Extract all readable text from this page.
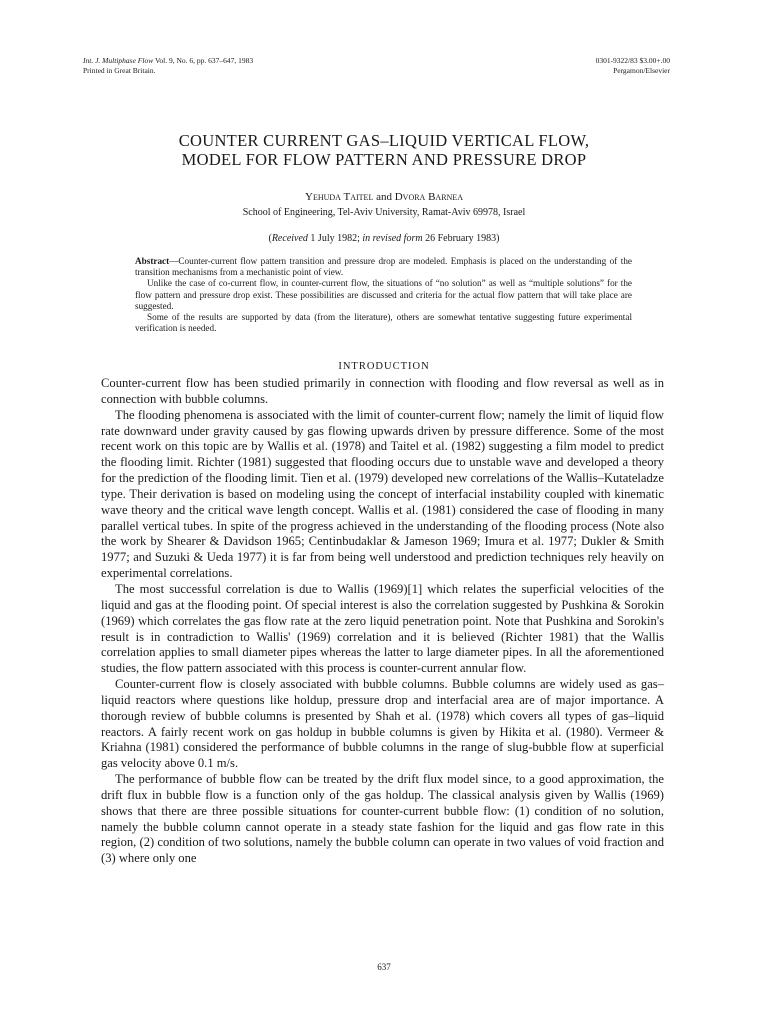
Int. J. Multiphase Flow Vol. 9, No. 6, pp. 637–647, 1983
Printed in Great Britain.
0301-9322/83 $3.00+.00
Pergamon/Elsevier
COUNTER CURRENT GAS–LIQUID VERTICAL FLOW,
MODEL FOR FLOW PATTERN AND PRESSURE DROP
Yehuda Taitel and Dvora Barnea
School of Engineering, Tel-Aviv University, Ramat-Aviv 69978, Israel
(Received 1 July 1982; in revised form 26 February 1983)

Abstract—Counter-current flow pattern transition and pressure drop are modeled. Emphasis is placed on the understanding of the transition mechanisms from a mechanistic point of view.

Unlike the case of co-current flow, in counter-current flow, the situations of “no solution” as well as “multiple solutions” for the flow pattern and pressure drop exist. These possibilities are discussed and criteria for the actual flow pattern that will take place are suggested.

Some of the results are supported by data (from the literature), others are somewhat tentative suggesting future experimental verification is needed.

INTRODUCTION

Counter-current flow has been studied primarily in connection with flooding and flow reversal as well as in connection with bubble columns.

The flooding phenomena is associated with the limit of counter-current flow; namely the limit of liquid flow rate downward under gravity caused by gas flowing upwards driven by pressure difference. Some of the most recent work on this topic are by Wallis et al. (1978) and Taitel et al. (1982) suggesting a film model to predict the flooding limit. Richter (1981) suggested that flooding occurs due to unstable wave and developed a theory for the prediction of the flooding limit. Tien et al. (1979) developed new correlations of the Wallis–Kutateladze type. Their derivation is based on modeling using the concept of interfacial instability coupled with kinematic wave theory and the critical wave length concept. Wallis et al. (1981) considered the case of flooding in many parallel vertical tubes. In spite of the progress achieved in the understanding of the flooding process (Note also the work by Shearer & Davidson 1965; Centinbudaklar & Jameson 1969; Imura et al. 1977; Dukler & Smith 1977; and Suzuki & Ueda 1977) it is far from being well understood and prediction techniques rely heavily on experimental correlations.

The most successful correlation is due to Wallis (1969)[1] which relates the superficial velocities of the liquid and gas at the flooding point. Of special interest is also the correlation suggested by Pushkina & Sorokin (1969) which correlates the gas flow rate at the zero liquid penetration point. Note that Pushkina and Sorokin's result is in contradiction to Wallis' (1969) correlation and it is believed (Richter 1981) that the Wallis correlation applies to small diameter pipes whereas the latter to large diameter pipes. In all the aforementioned studies, the flow pattern associated with this process is counter-current annular flow.

Counter-current flow is closely associated with bubble columns. Bubble columns are widely used as gas–liquid reactors where questions like holdup, pressure drop and interfacial area are of major importance. A thorough review of bubble columns is presented by Shah et al. (1978) which covers all types of gas–liquid reactors. A fairly recent work on gas holdup in bubble columns is given by Hikita et al. (1980). Vermeer & Kriahna (1981) considered the performance of bubble columns in the range of slug-bubble flow at superficial gas velocity above 0.1 m/s.

The performance of bubble flow can be treated by the drift flux model since, to a good approximation, the drift flux in bubble flow is a function only of the gas holdup. The classical analysis given by Wallis (1969) shows that there are three possible situations for counter-current bubble flow: (1) condition of no solution, namely the bubble column cannot operate in a steady state fashion for the liquid and gas flow rate in this region, (2) condition of two solutions, namely the bubble column can operate in two values of void fraction and (3) where only one

637
